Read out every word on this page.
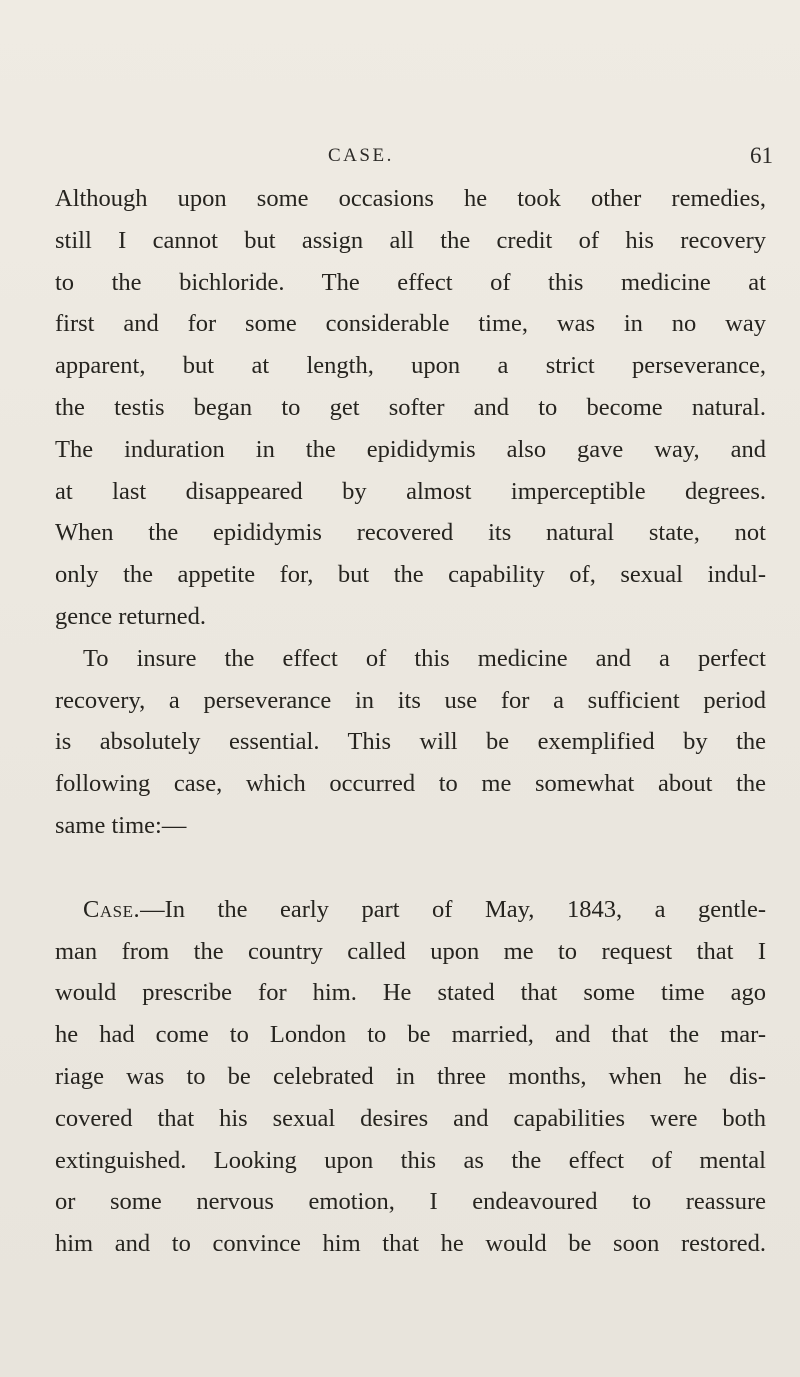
CASE.	61
Although upon some occasions he took other remedies,
still I cannot but assign all the credit of his recovery
to the bichloride. The effect of this medicine at
first and for some considerable time, was in no way
apparent, but at length, upon a strict perseverance,
the testis began to get softer and to become natural.
The induration in the epididymis also gave way, and
at last disappeared by almost imperceptible degrees.
When the epididymis recovered its natural state, not
only the appetite for, but the capability of, sexual indul-
gence returned.
To insure the effect of this medicine and a perfect
recovery, a perseverance in its use for a sufficient period
is absolutely essential. This will be exemplified by the
following case, which occurred to me somewhat about the
same time:—
Case.—In the early part of May, 1843, a gentle-
man from the country called upon me to request that I
would prescribe for him. He stated that some time ago
he had come to London to be married, and that the mar-
riage was to be celebrated in three months, when he dis-
covered that his sexual desires and capabilities were both
extinguished. Looking upon this as the effect of mental
or some nervous emotion, I endeavoured to reassure
him and to convince him that he would be soon restored.
